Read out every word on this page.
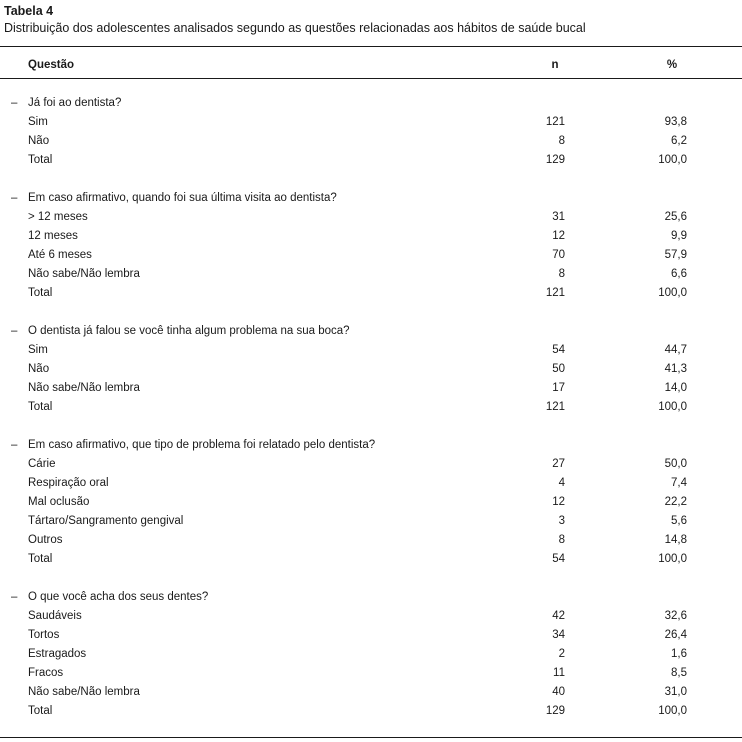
Tabela 4
Distribuição dos adolescentes analisados segundo as questões relacionadas aos hábitos de saúde bucal
Questão	n	%
– Já foi ao dentista?
Sim	121	93,8
Não	8	6,2
Total	129	100,0
– Em caso afirmativo, quando foi sua última visita ao dentista?
> 12 meses	31	25,6
12 meses	12	9,9
Até 6 meses	70	57,9
Não sabe/Não lembra	8	6,6
Total	121	100,0
– O dentista já falou se você tinha algum problema na sua boca?
Sim	54	44,7
Não	50	41,3
Não sabe/Não lembra	17	14,0
Total	121	100,0
– Em caso afirmativo, que tipo de problema foi relatado pelo dentista?
Cárie	27	50,0
Respiração oral	4	7,4
Mal oclusão	12	22,2
Tártaro/Sangramento gengival	3	5,6
Outros	8	14,8
Total	54	100,0
– O que você acha dos seus dentes?
Saudáveis	42	32,6
Tortos	34	26,4
Estragados	2	1,6
Fracos	11	8,5
Não sabe/Não lembra	40	31,0
Total	129	100,0
